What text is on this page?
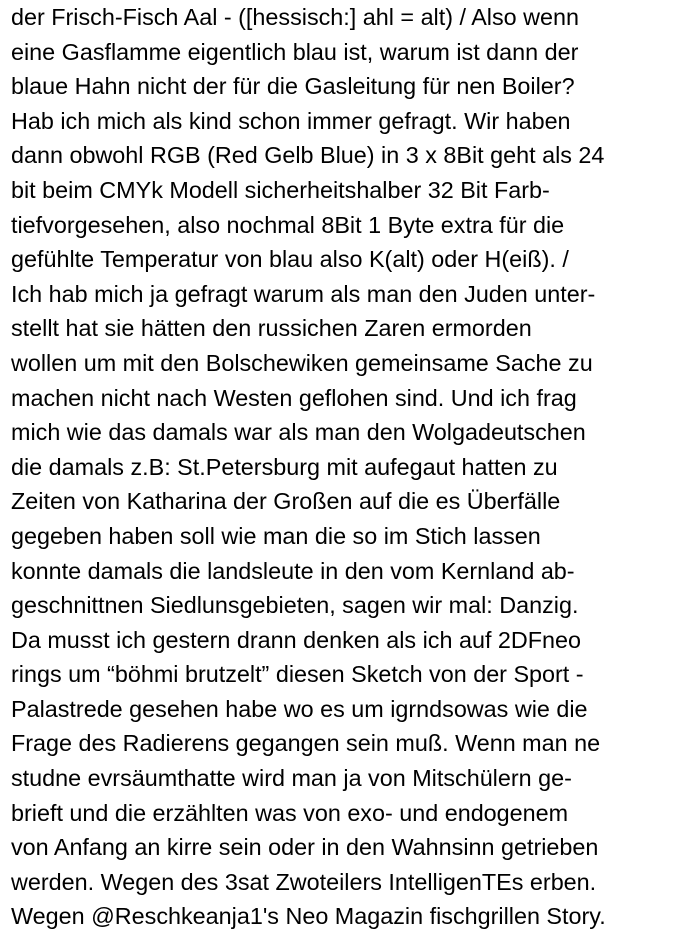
der Frisch-Fisch Aal - ([hessisch:] ahl = alt) / Also wenn
eine Gasflamme eigentlich blau ist, warum ist dann der
blaue Hahn nicht der für die Gasleitung für nen Boiler?
Hab ich mich als kind schon immer gefragt. Wir haben
dann obwohl RGB (Red Gelb Blue) in 3 x 8Bit geht als 24
bit beim CMYk Modell sicherheitshalber 32 Bit Farb-
tiefvorgesehen, also nochmal 8Bit 1 Byte extra für die
gefühlte Temperatur von blau also K(alt) oder H(eiß). /
Ich hab mich ja gefragt warum als man den Juden unter-
stellt hat sie hätten den russichen Zaren ermorden
wollen um mit den Bolschewiken gemeinsame Sache zu
machen nicht nach Westen geflohen sind. Und ich frag
mich wie das damals war als man den Wolgadeutschen
die damals z.B: St.Petersburg mit aufegaut hatten zu
Zeiten von Katharina der Großen auf die es Überfälle
gegeben haben soll wie man die so im Stich lassen
konnte damals die landsleute in den vom Kernland ab-
geschnittnen Siedlunsgebieten, sagen wir mal: Danzig.
Da musst ich gestern drann denken als ich auf 2DFneo
rings um “böhmi brutzelt” diesen Sketch von der Sport -
Palastrede gesehen habe wo es um igrndsowas wie die
Frage des Radierens gegangen sein muß. Wenn man ne
studne evrsäumthatte wird man ja von Mitschülern ge-
brieft und die erzählten was von exo- und endogenem
von Anfang an kirre sein oder in den Wahnsinn getrieben
werden. Wegen des 3sat Zwoteilers IntelligenTEs erben.
Wegen @Reschkeanja1's Neo Magazin fischgrillen Story.
